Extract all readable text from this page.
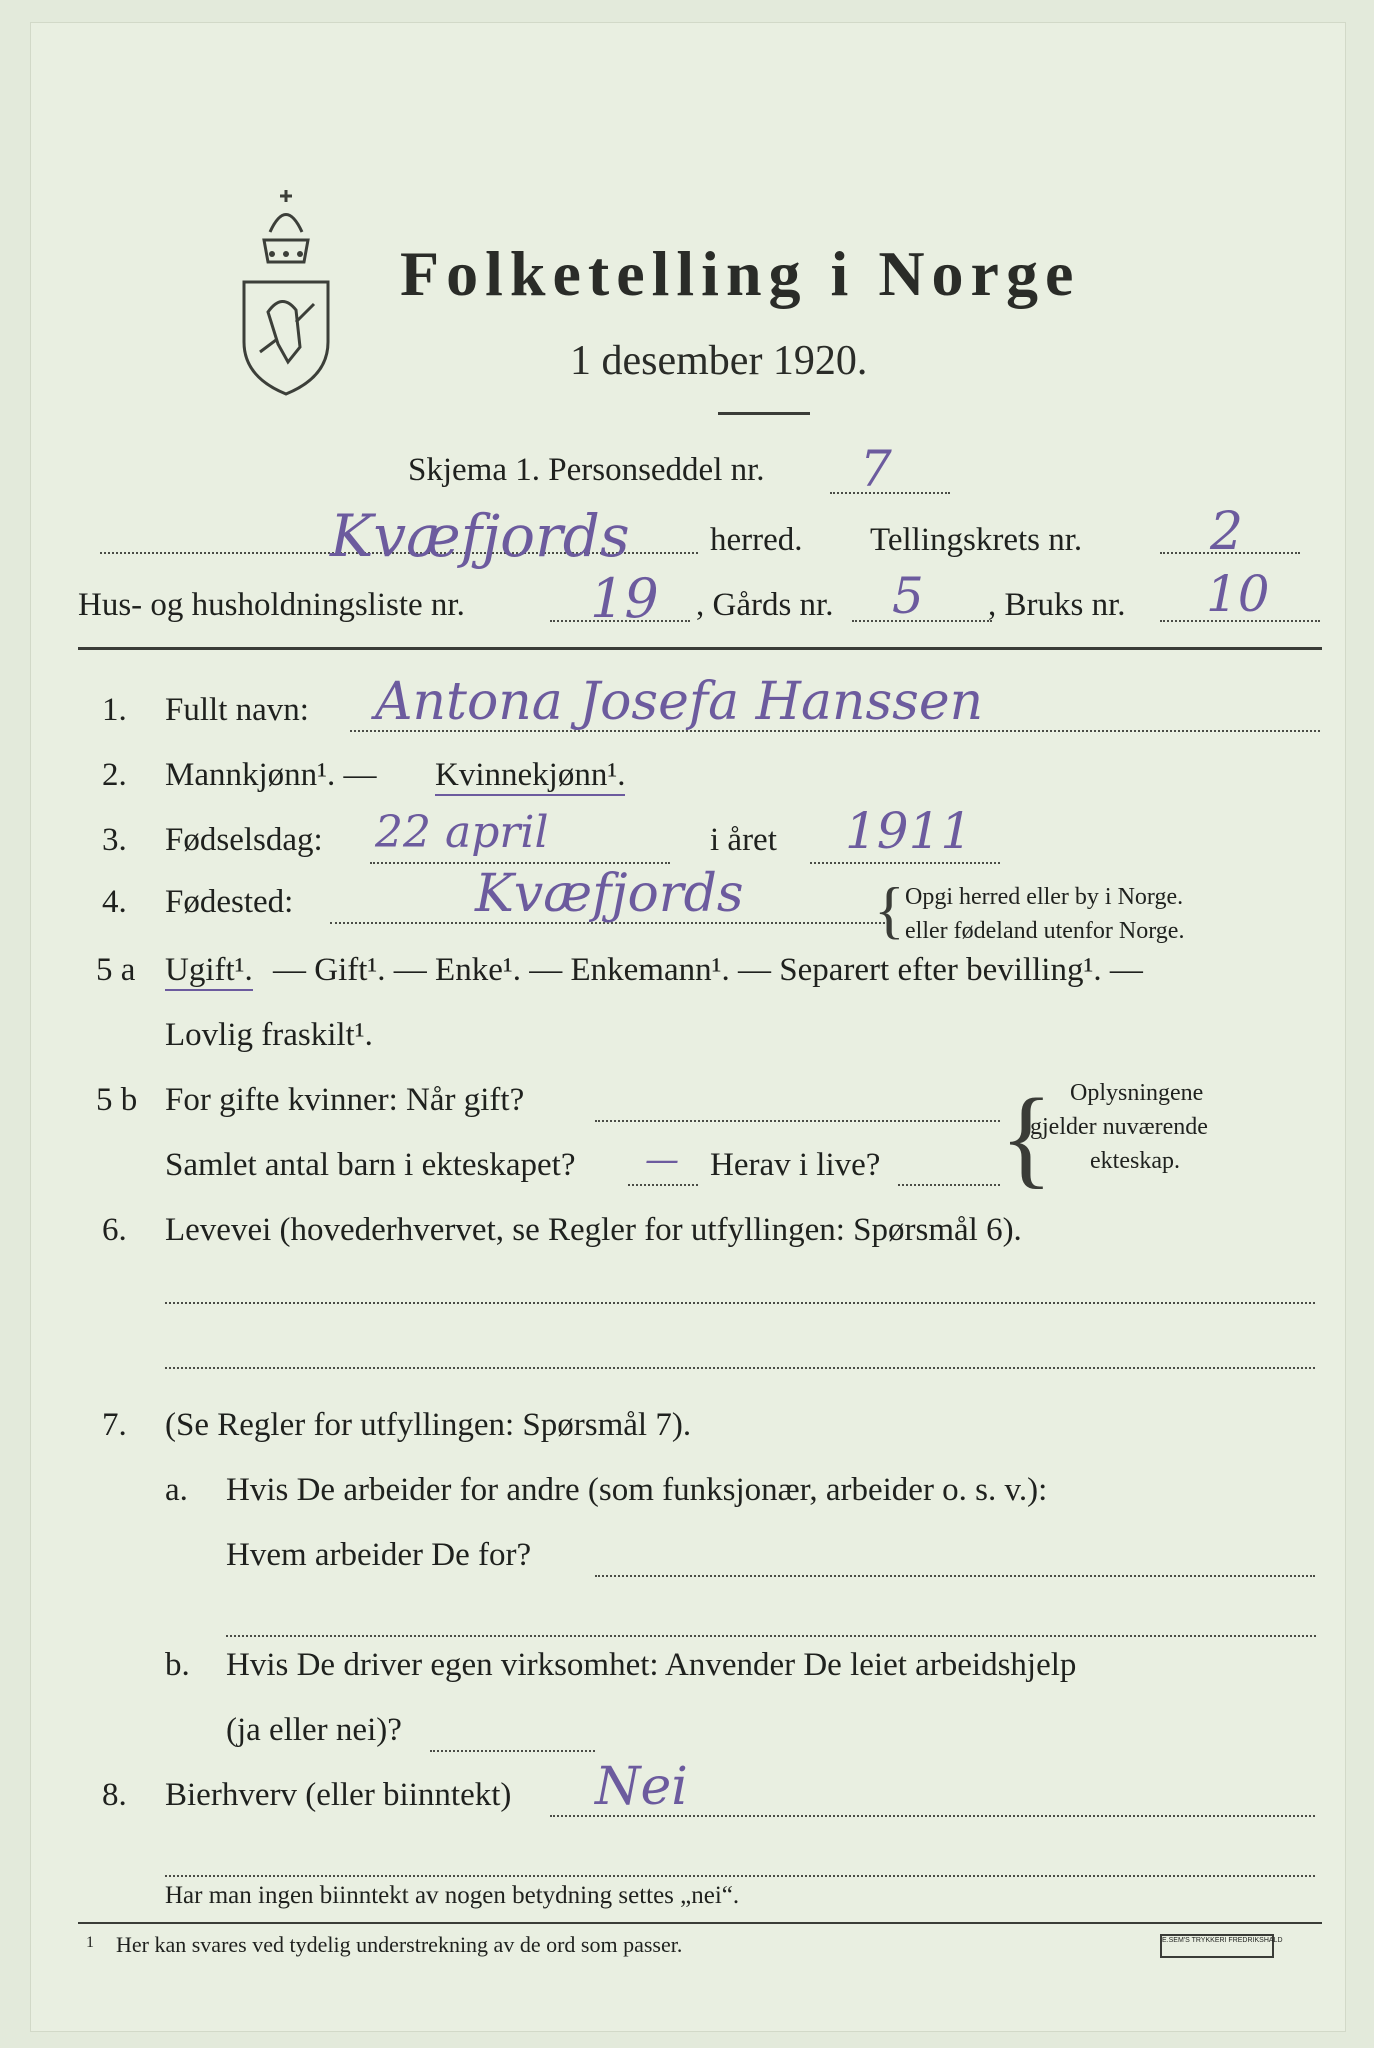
Folketelling i Norge
1 desember 1920.
Skjema 1. Personseddel nr. 7
Kvæfjords herred. Tellingskrets nr. 2
Hus- og husholdningsliste nr. 19 , Gårds nr. 5 , Bruks nr. 10
1. Fullt navn: Antona Josefa Hanssen
2. Mannkjønn¹. — Kvinnekjønn¹.
3. Fødselsdag: 22 april	i året 1911
4. Fødested:	Kvæfjords { Opgi herred eller by i Norge.
eller fødeland utenfor Norge.
5 a Ugift¹. — Gift¹. — Enke¹. — Enkemann¹. — Separert efter bevilling¹. —
Lovlig fraskilt¹.
5 b For gifte kvinner: Når gift?
Samlet antal barn i ekteskapet? — Herav i live? { Oplysningene
gjelder nuværende
ekteskap.
6. Levevei (hovederhvervet, se Regler for utfyllingen: Spørsmål 6).
7. (Se Regler for utfyllingen: Spørsmål 7).
a. Hvis De arbeider for andre (som funksjonær, arbeider o. s. v.):
Hvem arbeider De for?
b. Hvis De driver egen virksomhet: Anvender De leiet arbeidshjelp
(ja eller nei)?
8. Bierhverv (eller biinntekt) Nei
Har man ingen biinntekt av nogen betydning settes „nei“.
1 Her kan svares ved tydelig understrekning av de ord som passer.	E.SEM'S TRYKKERI FREDRIKSHALD
